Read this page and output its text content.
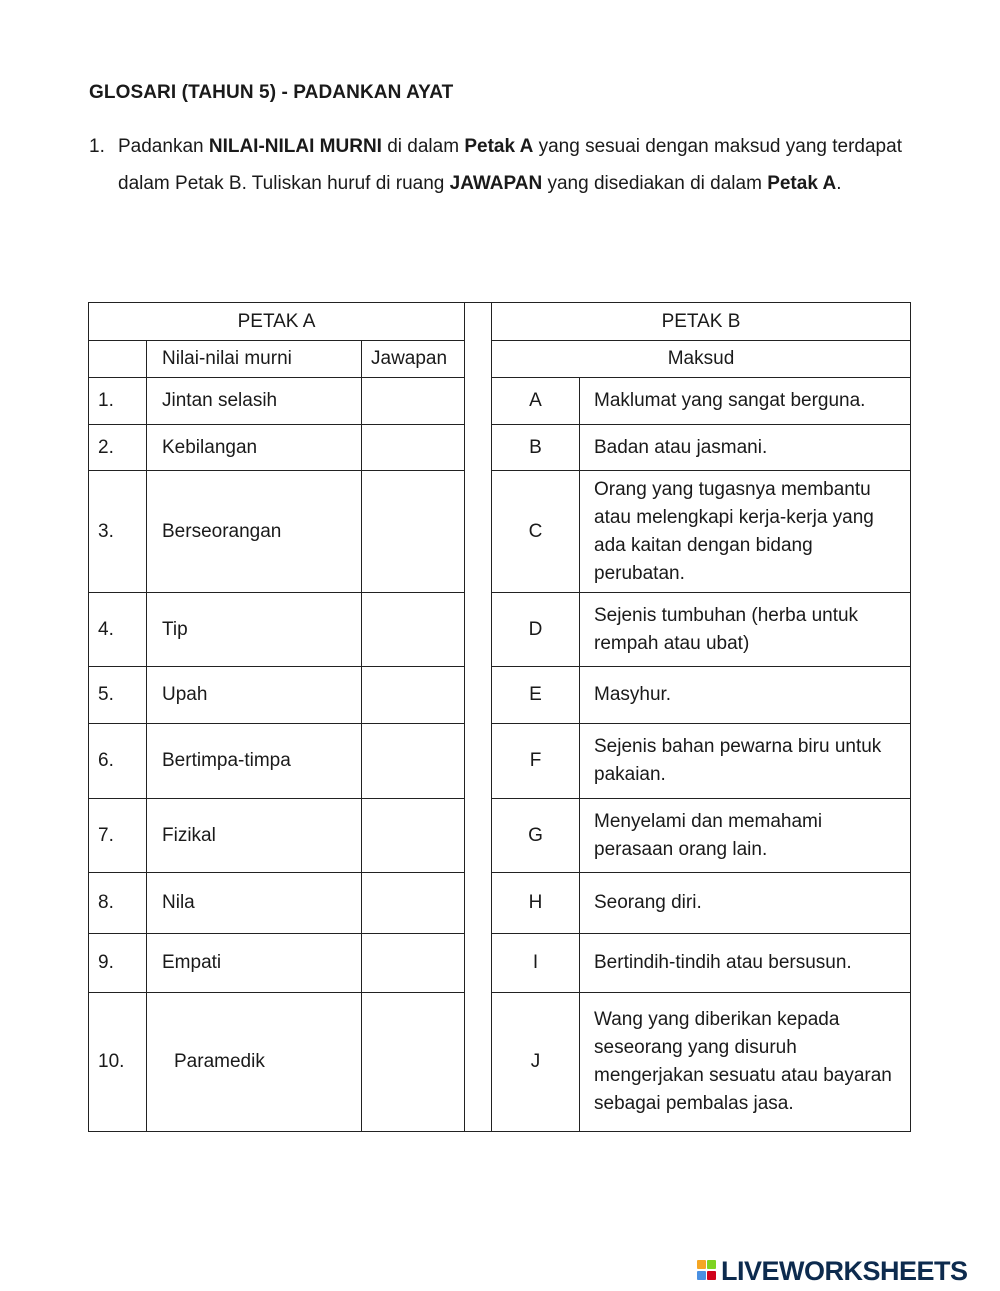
GLOSARI (TAHUN 5) - PADANKAN AYAT
1. Padankan NILAI-NILAI MURNI di dalam Petak A yang sesuai dengan maksud yang terdapat dalam Petak B. Tuliskan huruf di ruang JAWAPAN yang disediakan di dalam Petak A.
PETAK A				PETAK B	
	Nilai-nilai murni	Jawapan		Maksud	
1.	Jintan selasih			A	Maklumat yang sangat berguna.
2.	Kebilangan			B	Badan atau jasmani.
3.	Berseorangan			C	Orang yang tugasnya membantu atau melengkapi kerja-kerja yang ada kaitan dengan bidang perubatan.
4.	Tip			D	Sejenis tumbuhan (herba untuk rempah atau ubat)
5.	Upah			E	Masyhur.
6.	Bertimpa-timpa			F	Sejenis bahan pewarna biru untuk pakaian.
7.	Fizikal			G	Menyelami dan memahami perasaan orang lain.
8.	Nila			H	Seorang diri.
9.	Empati			I	Bertindih-tindih atau bersusun.
10.	Paramedik			J	Wang yang diberikan kepada seseorang yang disuruh mengerjakan sesuatu atau bayaran sebagai pembalas jasa.
LIVEWORKSHEETS
